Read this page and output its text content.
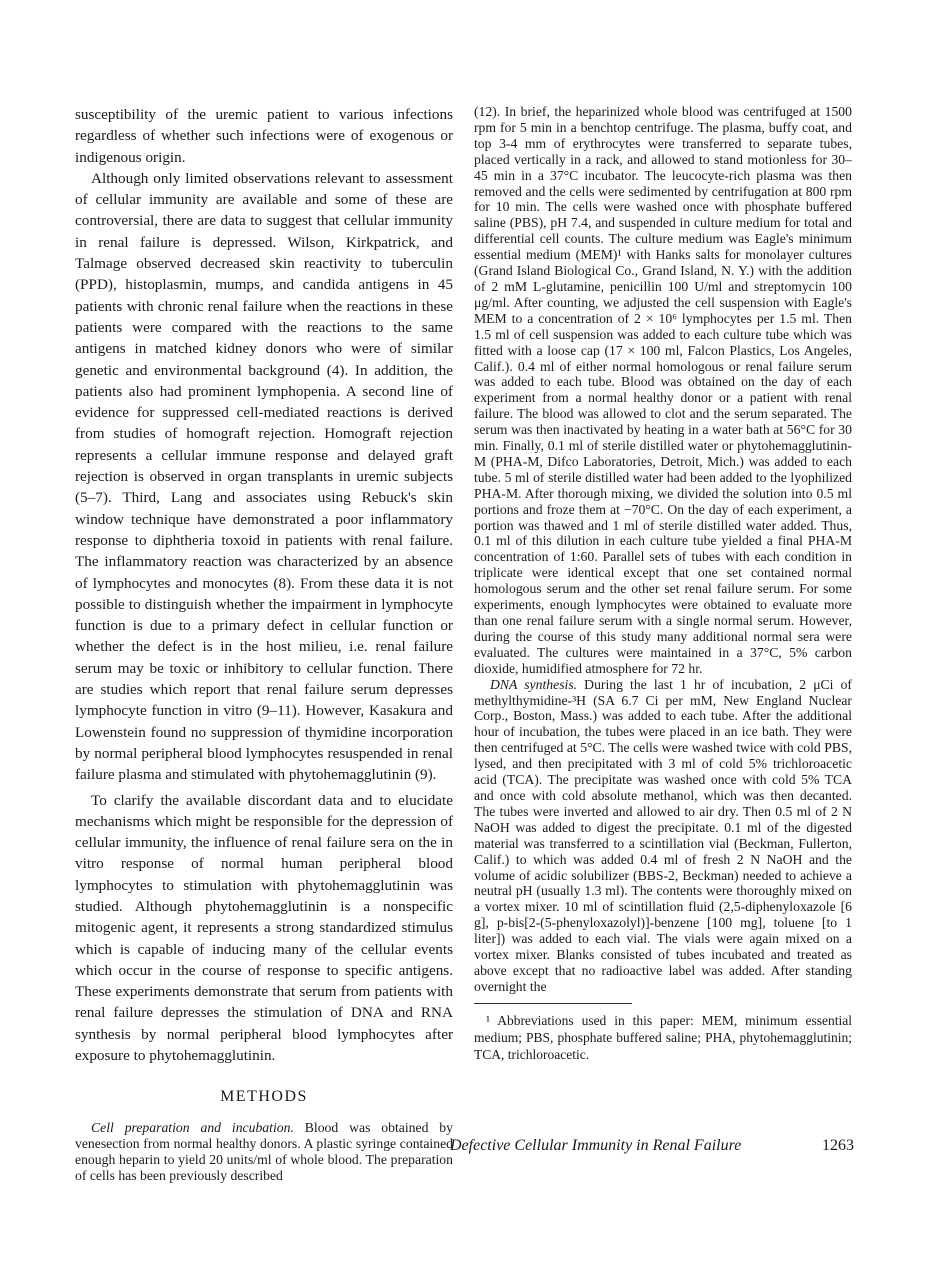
susceptibility of the uremic patient to various infections regardless of whether such infections were of exogenous or indigenous origin.

Although only limited observations relevant to assessment of cellular immunity are available and some of these are controversial, there are data to suggest that cellular immunity in renal failure is depressed. Wilson, Kirkpatrick, and Talmage observed decreased skin reactivity to tuberculin (PPD), histoplasmin, mumps, and candida antigens in 45 patients with chronic renal failure when the reactions in these patients were compared with the reactions to the same antigens in matched kidney donors who were of similar genetic and environmental background (4). In addition, the patients also had prominent lymphopenia. A second line of evidence for suppressed cell-mediated reactions is derived from studies of homograft rejection. Homograft rejection represents a cellular immune response and delayed graft rejection is observed in organ transplants in uremic subjects (5–7). Third, Lang and associates using Rebuck's skin window technique have demonstrated a poor inflammatory response to diphtheria toxoid in patients with renal failure. The inflammatory reaction was characterized by an absence of lymphocytes and monocytes (8). From these data it is not possible to distinguish whether the impairment in lymphocyte function is due to a primary defect in cellular function or whether the defect is in the host milieu, i.e. renal failure serum may be toxic or inhibitory to cellular function. There are studies which report that renal failure serum depresses lymphocyte function in vitro (9–11). However, Kasakura and Lowenstein found no suppression of thymidine incorporation by normal peripheral blood lymphocytes resuspended in renal failure plasma and stimulated with phytohemagglutinin (9).

To clarify the available discordant data and to elucidate mechanisms which might be responsible for the depression of cellular immunity, the influence of renal failure sera on the in vitro response of normal human peripheral blood lymphocytes to stimulation with phytohemagglutinin was studied. Although phytohemagglutinin is a nonspecific mitogenic agent, it represents a strong standardized stimulus which is capable of inducing many of the cellular events which occur in the course of response to specific antigens. These experiments demonstrate that serum from patients with renal failure depresses the stimulation of DNA and RNA synthesis by normal peripheral blood lymphocytes after exposure to phytohemagglutinin.

METHODS

Cell preparation and incubation. Blood was obtained by venesection from normal healthy donors. A plastic syringe contained enough heparin to yield 20 units/ml of whole blood. The preparation of cells has been previously described

(12). In brief, the heparinized whole blood was centrifuged at 1500 rpm for 5 min in a benchtop centrifuge. The plasma, buffy coat, and top 3-4 mm of erythrocytes were transferred to separate tubes, placed vertically in a rack, and allowed to stand motionless for 30–45 min in a 37°C incubator. The leucocyte-rich plasma was then removed and the cells were sedimented by centrifugation at 800 rpm for 10 min. The cells were washed once with phosphate buffered saline (PBS), pH 7.4, and suspended in culture medium for total and differential cell counts. The culture medium was Eagle's minimum essential medium (MEM)¹ with Hanks salts for monolayer cultures (Grand Island Biological Co., Grand Island, N. Y.) with the addition of 2 mM L-glutamine, penicillin 100 U/ml and streptomycin 100 μg/ml. After counting, we adjusted the cell suspension with Eagle's MEM to a concentration of 2 × 10⁶ lymphocytes per 1.5 ml. Then 1.5 ml of cell suspension was added to each culture tube which was fitted with a loose cap (17 × 100 ml, Falcon Plastics, Los Angeles, Calif.). 0.4 ml of either normal homologous or renal failure serum was added to each tube. Blood was obtained on the day of each experiment from a normal healthy donor or a patient with renal failure. The blood was allowed to clot and the serum separated. The serum was then inactivated by heating in a water bath at 56°C for 30 min. Finally, 0.1 ml of sterile distilled water or phytohemagglutinin-M (PHA-M, Difco Laboratories, Detroit, Mich.) was added to each tube. 5 ml of sterile distilled water had been added to the lyophilized PHA-M. After thorough mixing, we divided the solution into 0.5 ml portions and froze them at −70°C. On the day of each experiment, a portion was thawed and 1 ml of sterile distilled water added. Thus, 0.1 ml of this dilution in each culture tube yielded a final PHA-M concentration of 1:60. Parallel sets of tubes with each condition in triplicate were identical except that one set contained normal homologous serum and the other set renal failure serum. For some experiments, enough lymphocytes were obtained to evaluate more than one renal failure serum with a single normal serum. However, during the course of this study many additional normal sera were evaluated. The cultures were maintained in a 37°C, 5% carbon dioxide, humidified atmosphere for 72 hr.

DNA synthesis. During the last 1 hr of incubation, 2 μCi of methylthymidine-³H (SA 6.7 Ci per mM, New England Nuclear Corp., Boston, Mass.) was added to each tube. After the additional hour of incubation, the tubes were placed in an ice bath. They were then centrifuged at 5°C. The cells were washed twice with cold PBS, lysed, and then precipitated with 3 ml of cold 5% trichloroacetic acid (TCA). The precipitate was washed once with cold 5% TCA and once with cold absolute methanol, which was then decanted. The tubes were inverted and allowed to air dry. Then 0.5 ml of 2 N NaOH was added to digest the precipitate. 0.1 ml of the digested material was transferred to a scintillation vial (Beckman, Fullerton, Calif.) to which was added 0.4 ml of fresh 2 N NaOH and the volume of acidic solubilizer (BBS-2, Beckman) needed to achieve a neutral pH (usually 1.3 ml). The contents were thoroughly mixed on a vortex mixer. 10 ml of scintillation fluid (2,5-diphenyloxazole [6 g], p-bis[2-(5-phenyloxazolyl)]-benzene [100 mg], toluene [to 1 liter]) was added to each vial. The vials were again mixed on a vortex mixer. Blanks consisted of tubes incubated and treated as above except that no radioactive label was added. After standing overnight the

¹ Abbreviations used in this paper: MEM, minimum essential medium; PBS, phosphate buffered saline; PHA, phytohemagglutinin; TCA, trichloroacetic.

Defective Cellular Immunity in Renal Failure	1263
